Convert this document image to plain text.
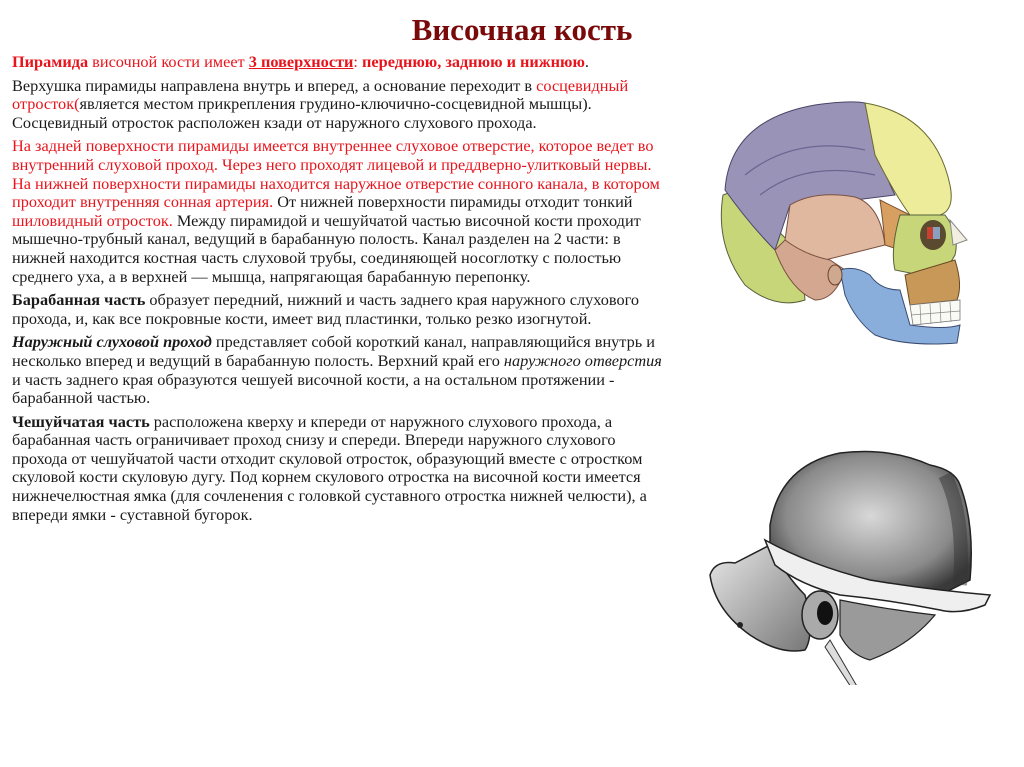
Височная кость

Пирамида височной кости имеет 3 поверхности: переднюю, заднюю и нижнюю.

Верхушка пирамиды направлена внутрь и вперед, а основание переходит в сосцевидный отросток(является местом прикрепления грудино-ключично-сосцевидной мышцы). Сосцевидный отросток расположен кзади от наружного слухового прохода.

На задней поверхности пирамиды имеется внутреннее слуховое отверстие, которое ведет во внутренний слуховой проход. Через него проходят лицевой и преддверно-улитковый нервы. На нижней поверхности пирамиды находится наружное отверстие сонного канала, в котором проходит внутренняя сонная артерия. От нижней поверхности пирамиды отходит тонкий шиловидный отросток. Между пирамидой и чешуйчатой частью височной кости проходит мышечно-трубный канал, ведущий в барабанную полость. Канал разделен на 2 части: в нижней находится костная часть слуховой трубы, соединяющей носоглотку с полостью среднего уха, а в верхней — мышца, напрягающая барабанную перепонку.

Барабанная часть образует передний, нижний и часть заднего края наружного слухового прохода, и, как все покровные кости, имеет вид пластинки, только резко изогнутой.

Наружный слуховой проход представляет собой короткий канал, направляющийся внутрь и несколько вперед и ведущий в барабанную полость. Верхний край его наружного отверстия и часть заднего края образуются чешуей височной кости, а на остальном протяжении - барабанной частью.

Чешуйчатая часть расположена кверху и кпереди от наружного слухового прохода, а барабанная часть ограничивает проход снизу и спереди. Впереди наружного слухового прохода от чешуйчатой части отходит скуловой отросток, образующий вместе с отростком скуловой кости скуловую дугу. Под корнем скулового отростка на височной кости имеется нижнечелюстная ямка (для сочленения с головкой суставного отростка нижней челюсти), а впереди ямки - суставной бугорок.
